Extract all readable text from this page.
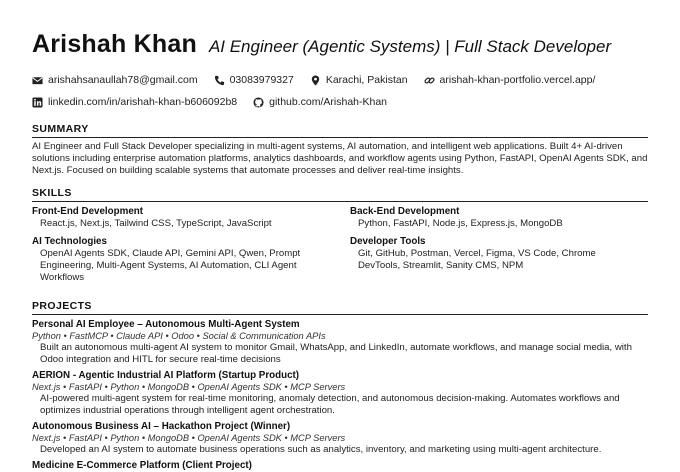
Arishah Khan AI Engineer (Agentic Systems) | Full Stack Developer
arishahsanaullah78@gmail.com	03083979327	Karachi, Pakistan	arishah-khan-portfolio.vercel.app/
linkedin.com/in/arishah-khan-b606092b8	github.com/Arishah-Khan
SUMMARY
AI Engineer and Full Stack Developer specializing in multi-agent systems, AI automation, and intelligent web applications. Built 4+ AI-driven solutions including enterprise automation platforms, analytics dashboards, and workflow agents using Python, FastAPI, OpenAI Agents SDK, and Next.js. Focused on building scalable systems that automate processes and deliver real-time insights.
SKILLS
Front-End Development
React.js, Next.js, Tailwind CSS, TypeScript, JavaScript
Back-End Development
Python, FastAPI, Node.js, Express.js, MongoDB
AI Technologies
OpenAI Agents SDK, Claude API, Gemini API, Qwen, Prompt Engineering, Multi-Agent Systems, AI Automation, CLI Agent Workflows
Developer Tools
Git, GitHub, Postman, Vercel, Figma, VS Code, Chrome DevTools, Streamlit, Sanity CMS, NPM
PROJECTS
Personal AI Employee – Autonomous Multi-Agent System
Python • FastMCP • Claude API • Odoo • Social & Communication APIs
Built an autonomous multi-agent AI system to monitor Gmail, WhatsApp, and LinkedIn, automate workflows, and manage social media, with Odoo integration and HITL for secure real-time decisions
AERION - Agentic Industrial AI Platform (Startup Product)
Next.js • FastAPI • Python • MongoDB • OpenAI Agents SDK • MCP Servers
AI-powered multi-agent system for real-time monitoring, anomaly detection, and autonomous decision-making. Automates workflows and optimizes industrial operations through intelligent agent orchestration.
Autonomous Business AI – Hackathon Project (Winner)
Next.js • FastAPI • Python • MongoDB • OpenAI Agents SDK • MCP Servers
Developed an AI system to automate business operations such as analytics, inventory, and marketing using multi-agent architecture.
Medicine E-Commerce Platform (Client Project)
